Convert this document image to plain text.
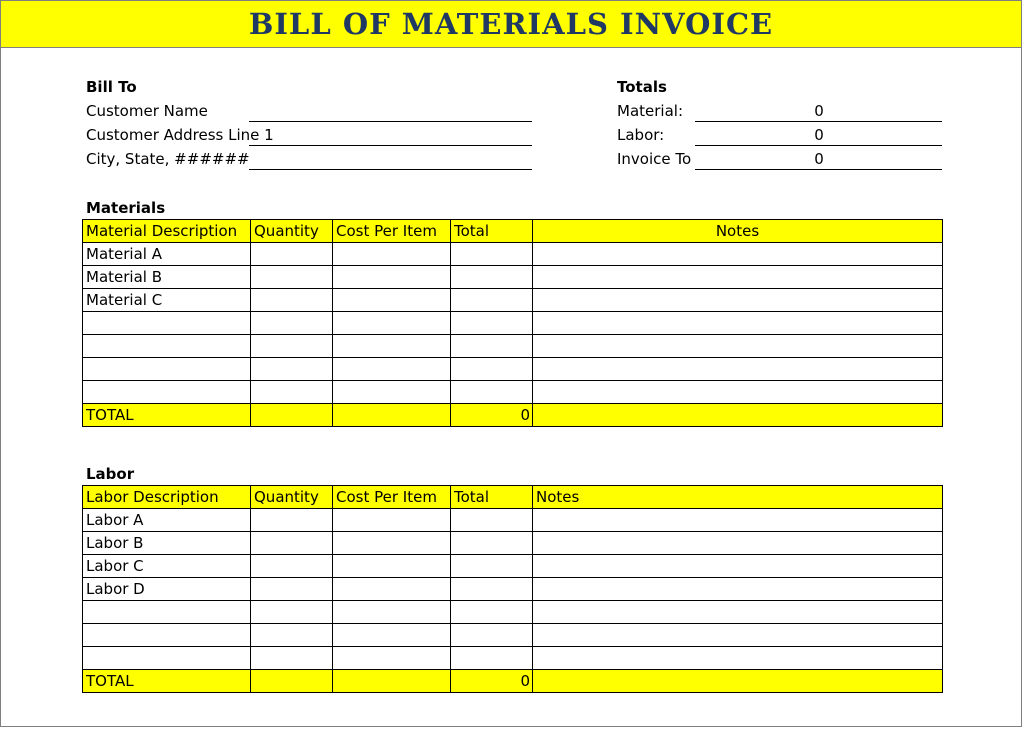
BILL OF MATERIALS INVOICE
Bill To
Customer Name
Customer Address Line 1
City, State, ######
Totals
Material:	0
Labor:	0
Invoice To	0
Materials
Material Description	Quantity	Cost Per Item	Total	Notes
Material A				
Material B				
Material C				

TOTAL			0	
Labor
Labor Description	Quantity	Cost Per Item	Total	Notes
Labor A				
Labor B				
Labor C				
Labor D				

TOTAL			0	
